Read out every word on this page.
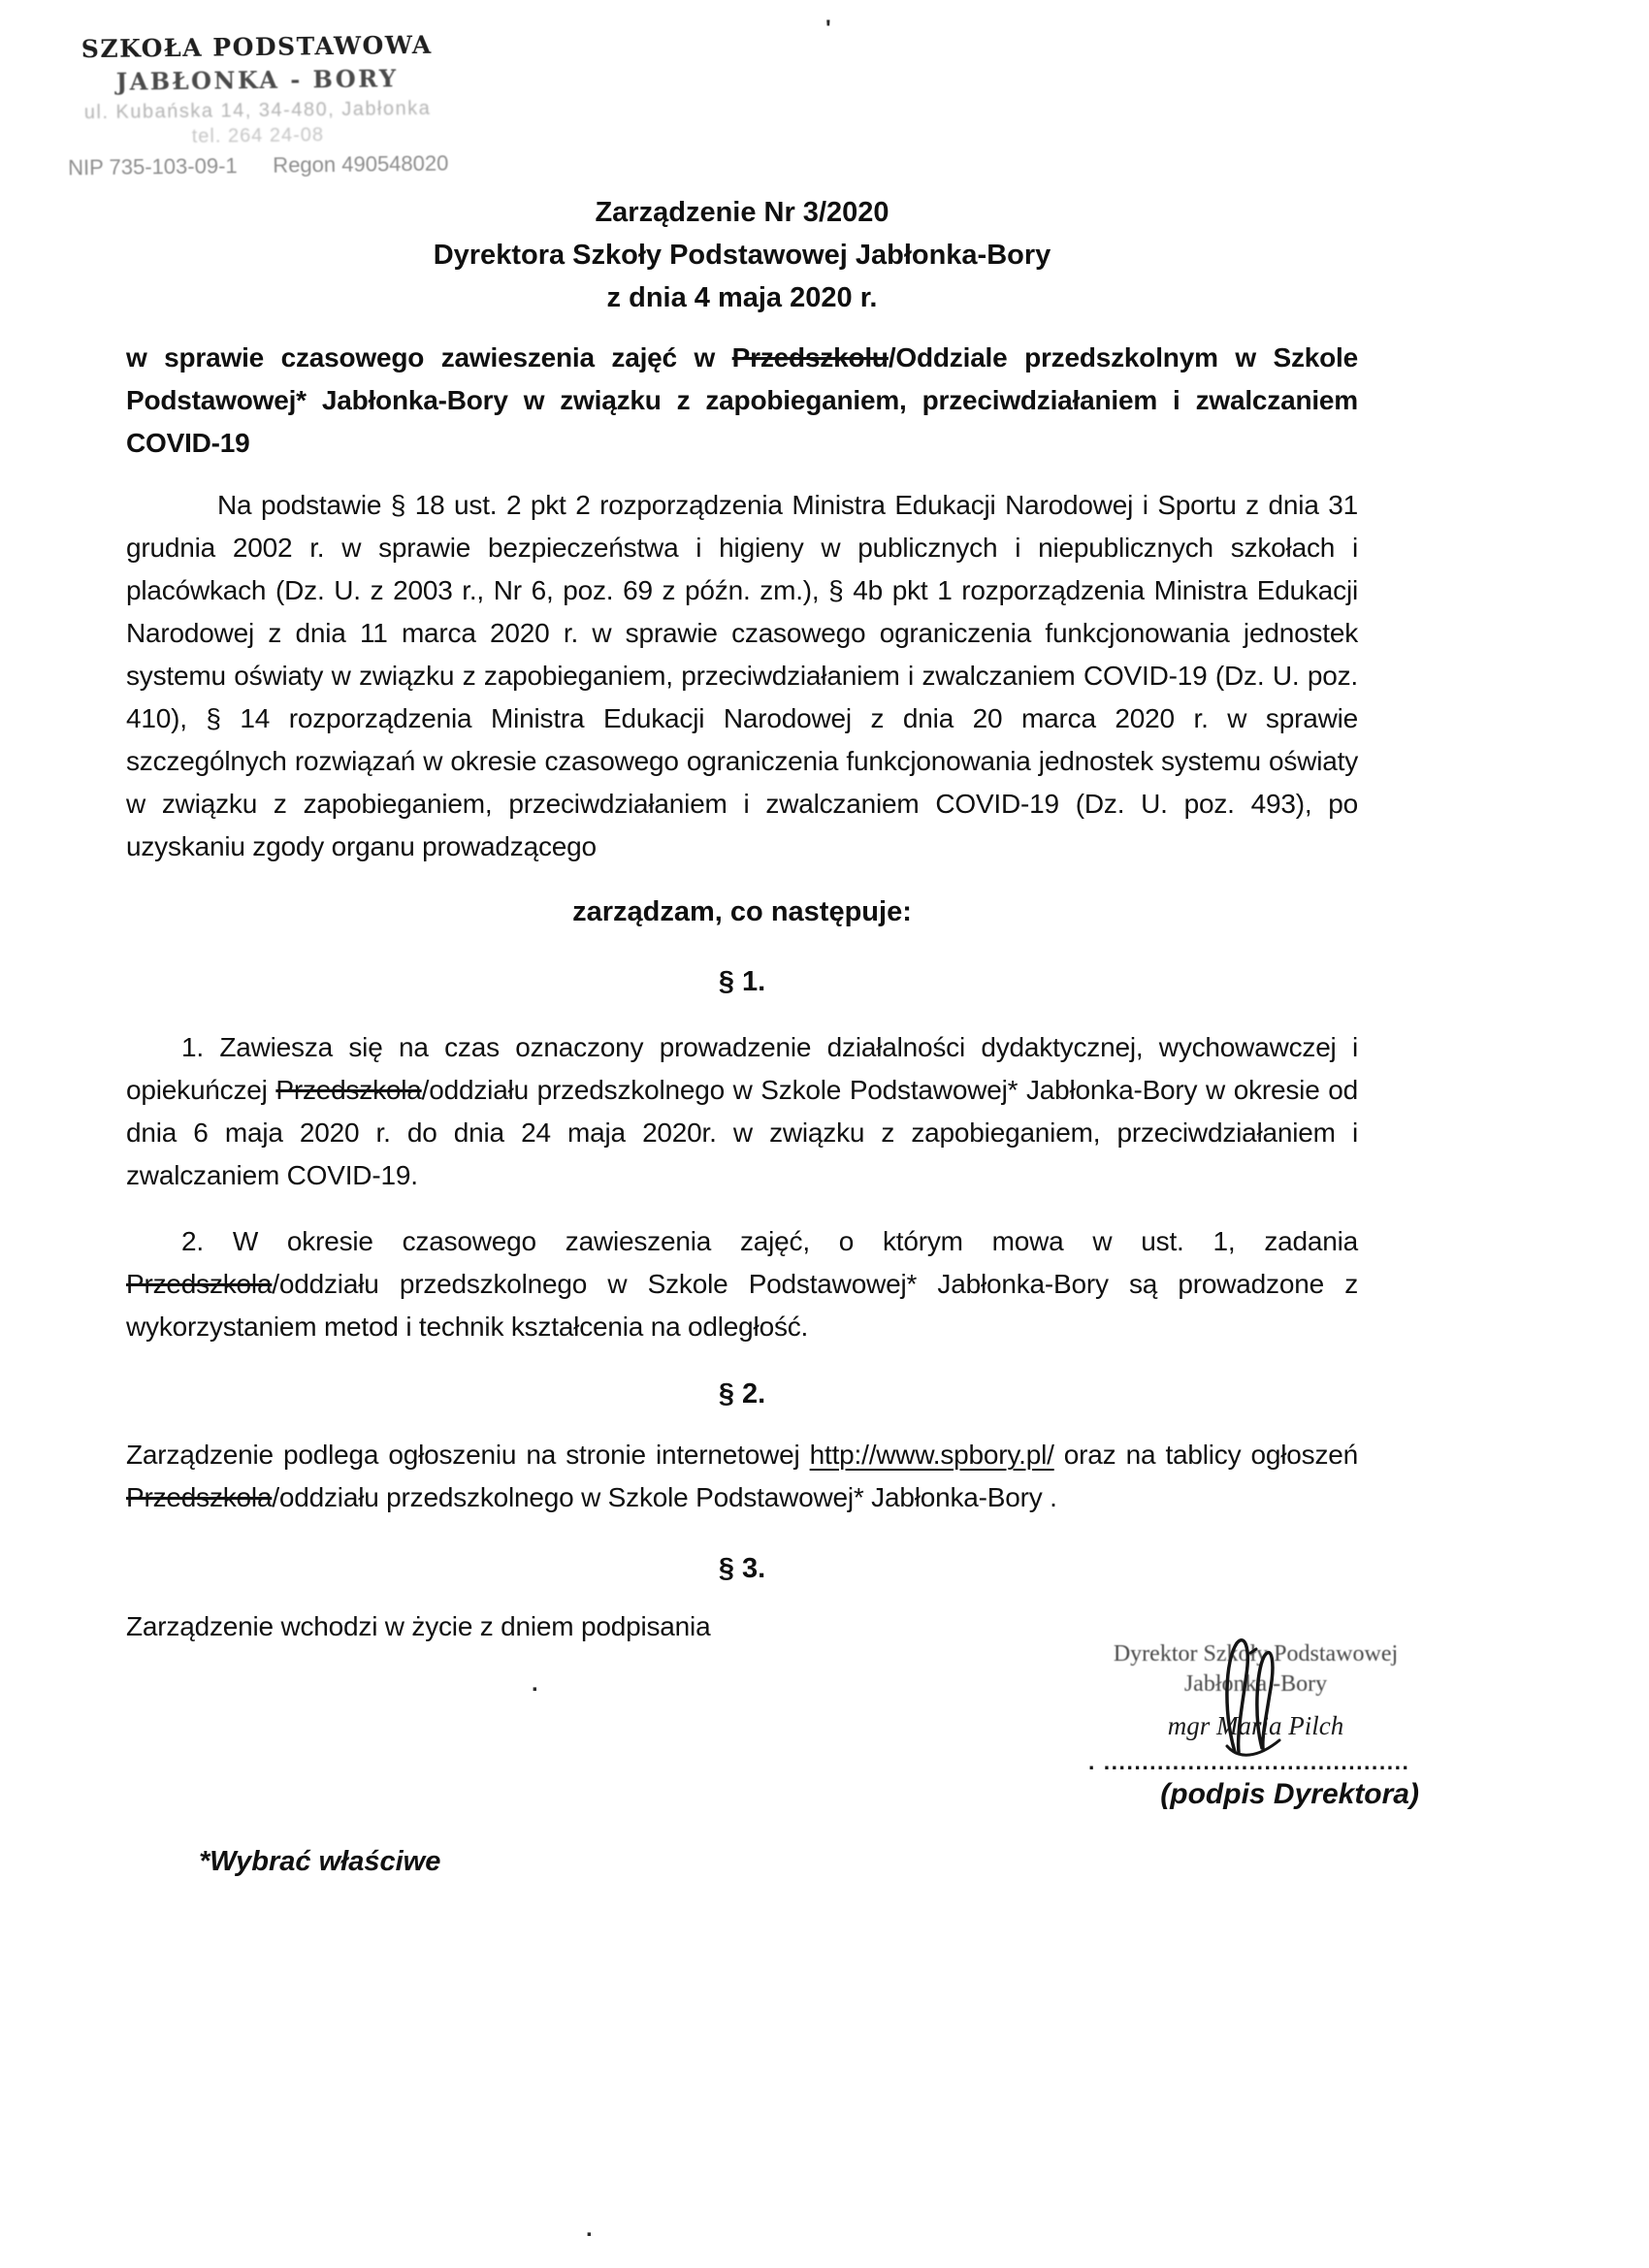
SZKOŁA PODSTAWOWA
JABŁONKA - BORY
ul. Kubańska 14, 34-480, Jabłonka
tel. 264 24-08
NIP 735-103-09-1      Regon 490548020
'
.
.
Zarządzenie Nr 3/2020
Dyrektora Szkoły Podstawowej Jabłonka-Bory
z dnia 4 maja 2020 r.

w sprawie czasowego zawieszenia zajęć w Przedszkolu/Oddziale przedszkolnym w Szkole Podstawowej* Jabłonka-Bory w związku z zapobieganiem, przeciwdziałaniem i zwalczaniem COVID-19

Na podstawie § 18 ust. 2 pkt 2 rozporządzenia Ministra Edukacji Narodowej i Sportu z dnia 31 grudnia 2002 r. w sprawie bezpieczeństwa i higieny w publicznych i niepublicznych szkołach i placówkach (Dz. U. z 2003 r., Nr 6, poz. 69 z późn. zm.), § 4b pkt 1 rozporządzenia Ministra Edukacji Narodowej z dnia 11 marca 2020 r. w sprawie czasowego ograniczenia funkcjonowania jednostek systemu oświaty w związku z zapobieganiem, przeciwdziałaniem i zwalczaniem COVID-19 (Dz. U. poz. 410), § 14 rozporządzenia Ministra Edukacji Narodowej z dnia 20 marca 2020 r. w sprawie szczególnych rozwiązań w okresie czasowego ograniczenia funkcjonowania jednostek systemu oświaty w związku z zapobieganiem, przeciwdziałaniem i zwalczaniem COVID-19 (Dz. U. poz. 493), po uzyskaniu zgody organu prowadzącego

zarządzam, co następuje:
§ 1.

1. Zawiesza się na czas oznaczony prowadzenie działalności dydaktycznej, wychowawczej i opiekuńczej Przedszkola/oddziału przedszkolnego w Szkole Podstawowej* Jabłonka-Bory w okresie od dnia 6 maja 2020 r. do dnia 24 maja 2020r. w związku z zapobieganiem, przeciwdziałaniem i zwalczaniem COVID-19.

2. W okresie czasowego zawieszenia zajęć, o którym mowa w ust. 1, zadania Przedszkola/oddziału przedszkolnego w Szkole Podstawowej* Jabłonka-Bory są prowadzone z wykorzystaniem metod i technik kształcenia na odległość.

§ 2.

Zarządzenie podlega ogłoszeniu na stronie internetowej http://www.spbory.pl/ oraz na tablicy ogłoszeń Przedszkola/oddziału przedszkolnego w Szkole Podstawowej* Jabłonka-Bory .

§ 3.

Zarządzenie wchodzi w życie z dniem podpisania

Dyrektor Szkoły Podstawowej
Jabłonka -Bory
mgr Maria Pilch
. ........................................
(podpis Dyrektora)
*Wybrać właściwe
